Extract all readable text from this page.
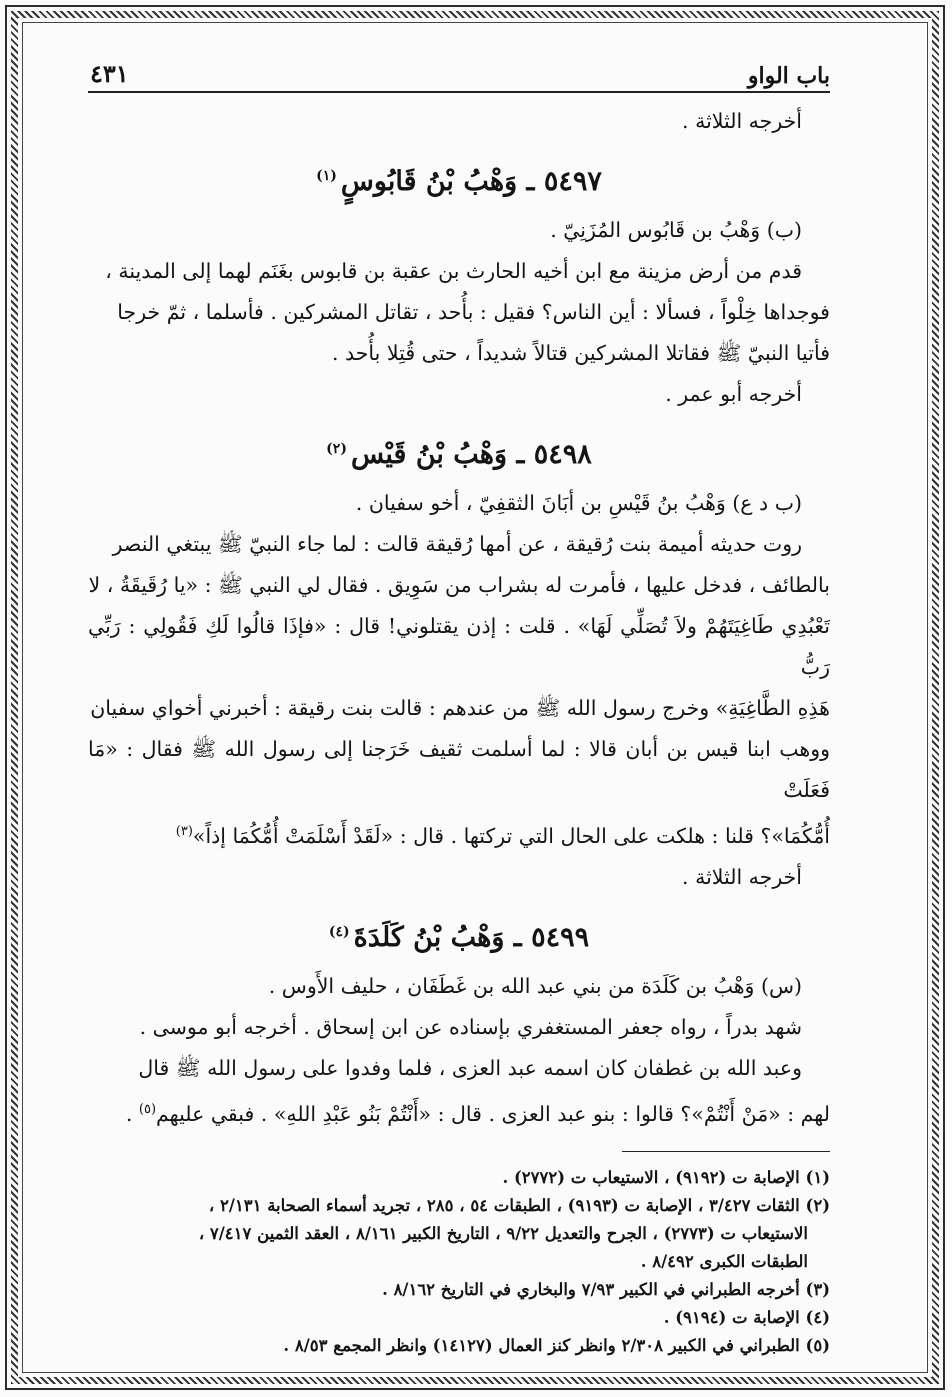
باب الواو
٤٣١

أخرجه الثلاثة .

٥٤٩٧ ـ وَهْبُ بْنُ قَابُوسٍ$^{(١)}$

(ب) وَهْبُ بن قَابُوس المُزَنِيّ .

قدم من أرض مزينة مع ابن أخيه الحارث بن عقبة بن قابوس بغَنَم لهما إلى المدينة ،

فوجداها خِلْواً ، فسألا : أين الناس؟ فقيل : بأُحد ، تقاتل المشركين . فأسلما ، ثمّ خرجا

فأتيا النبيّ ﷺ فقاتلا المشركين قتالاً شديداً ، حتى قُتِلا بأُحد .

أخرجه أبو عمر .

٥٤٩٨ ـ وَهْبُ بْنُ قَيْس$^{(٢)}$

(ب د ع) وَهْبُ بنُ قَيْسِ بن أبَانَ الثقفِيّ ، أخو سفيان .

روت حديثه أميمة بنت رُقيقة ، عن أمها رُقيقة قالت : لما جاء النبيّ ﷺ يبتغي النصر

بالطائف ، فدخل عليها ، فأمرت له بشراب من سَوِيق . فقال لي النبي ﷺ : «يا رُقَيقَةُ ، لا

تَعْبُدِي طَاغِيَتَهُمْ ولاَ تُصَلِّي لَهَا» . قلت : إذن يقتلوني! قال : «فإذَا قالُوا لَكِ فَقُولِي : رَبِّي رَبُّ

هَذِهِ الطَّاغِيَةِ» وخرج رسول الله ﷺ من عندهم : قالت بنت رقيقة : أخبرني أخواي سفيان

ووهب ابنا قيس بن أبان قالا : لما أسلمت ثقيف خَرَجنا إلى رسول الله ﷺ فقال : «مَا فَعَلَتْ

أُمُّكُمَا»؟ قلنا : هلكت على الحال التي تركتها . قال : «لَقَدْ أَسْلَمَتْ أُمُّكُمَا إذاً»$^{(٣)}$

أخرجه الثلاثة .

٥٤٩٩ ـ وَهْبُ بْنُ كَلَدَةَ$^{(٤)}$

(س) وَهْبُ بن كَلَدَة من بني عبد الله بن غَطَفَان ، حليف الأَوس .

شهد بدراً ، رواه جعفر المستغفري بإسناده عن ابن إسحاق . أخرجه أبو موسى .

وعبد الله بن غطفان كان اسمه عبد العزى ، فلما وفدوا على رسول الله ﷺ قال

لهم : «مَنْ أَنْتُمْ»؟ قالوا : بنو عبد العزى . قال : «أَنْتُمْ بَنُو عَبْدِ اللهِ» . فبقي عليهم$^{(٥)}$ .

(١) الإصابة ت (٩١٩٢) ، الاستيعاب ت (٢٧٧٢) .

(٢) الثقات ٣/٤٢٧ ، الإصابة ت (٩١٩٣) ، الطبقات ٥٤ ، ٢٨٥ ، تجريد أسماء الصحابة ٢/١٣١ ،

الاستيعاب ت (٢٧٧٣) ، الجرح والتعديل ٩/٢٢ ، التاريخ الكبير ٨/١٦١ ، العقد الثمين ٧/٤١٧ ،

الطبقات الكبرى ٨/٤٩٢ .

(٣) أخرجه الطبراني في الكبير ٧/٩٣ والبخاري في التاريخ ٨/١٦٢ .

(٤) الإصابة ت (٩١٩٤) .

(٥) الطبراني في الكبير ٢/٣٠٨ وانظر كنز العمال (١٤١٢٧) وانظر المجمع ٨/٥٣ .
